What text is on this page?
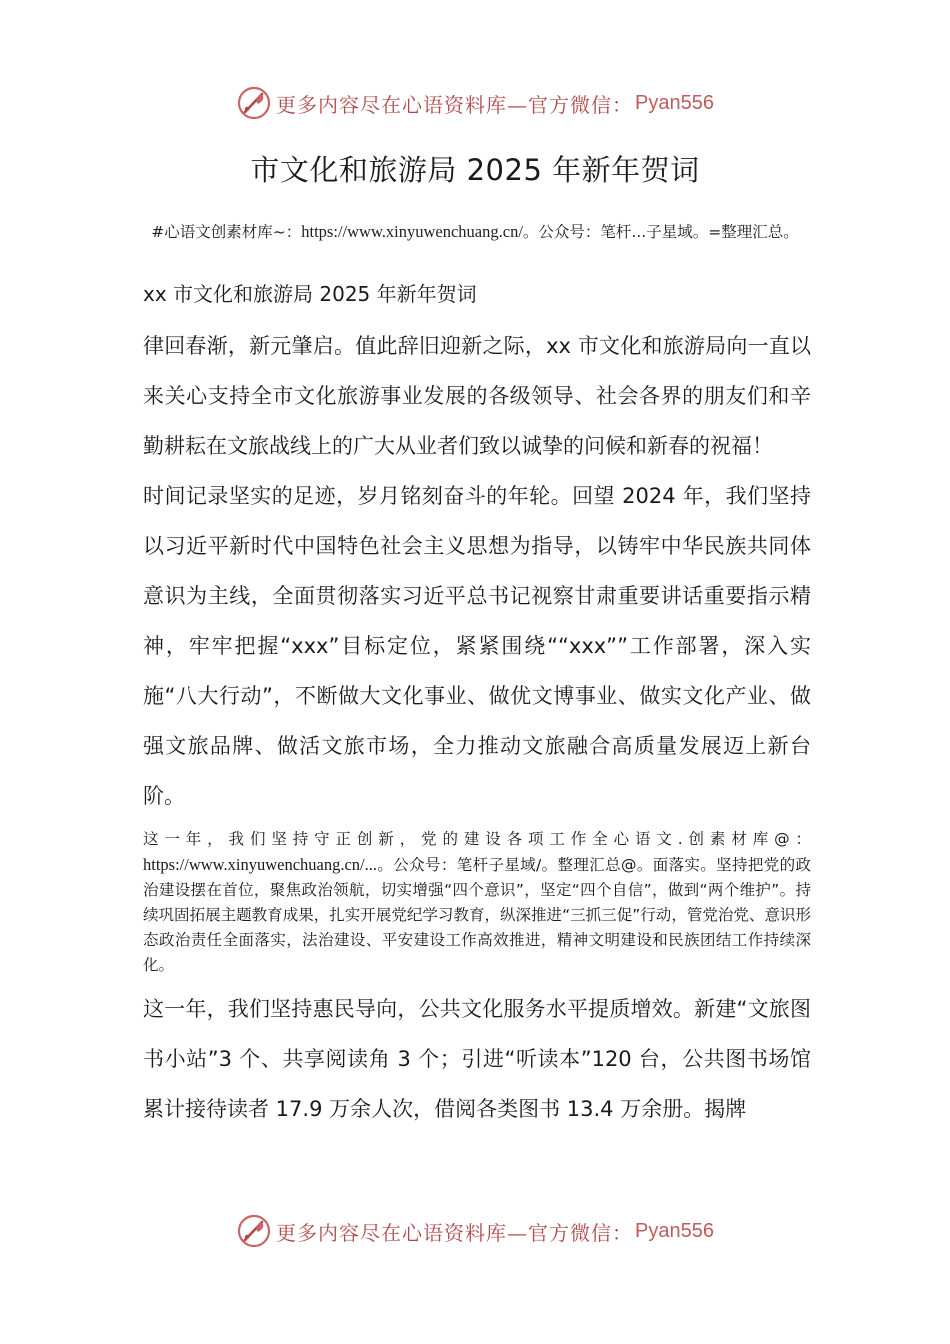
更多内容尽在心语资料库—官方微信： Pyan556
市文化和旅游局 2025 年新年贺词
#心语文创素材库~：https://www.xinyuwenchuang.cn/。公众号：笔杆...子星域。=整理汇总。

xx 市文化和旅游局 2025 年新年贺词

律回春渐，新元肇启。值此辞旧迎新之际，xx 市文化和旅游局向一直以来关心支持全市文化旅游事业发展的各级领导、社会各界的朋友们和辛勤耕耘在文旅战线上的广大从业者们致以诚挚的问候和新春的祝福！

时间记录坚实的足迹，岁月铭刻奋斗的年轮。回望 2024 年，我们坚持以习近平新时代中国特色社会主义思想为指导，以铸牢中华民族共同体意识为主线，全面贯彻落实习近平总书记视察甘肃重要讲话重要指示精神，牢牢把握“xxx”目标定位，紧紧围绕““xxx””工作部署，深入实施“八大行动”，不断做大文化事业、做优文博事业、做实文化产业、做强文旅品牌、做活文旅市场，全力推动文旅融合高质量发展迈上新台阶。

这一年，我们坚持守正创新，党的建设各项工作全心语文.创素材库@： https://www.xinyuwenchuang.cn/...。公众号：笔杆子星域/。整理汇总@。面落实。坚持把党的政治建设摆在首位，聚焦政治领航，切实增强“四个意识”，坚定“四个自信”，做到“两个维护”。持续巩固拓展主题教育成果，扎实开展党纪学习教育，纵深推进“三抓三促”行动，管党治党、意识形态政治责任全面落实，法治建设、平安建设工作高效推进，精神文明建设和民族团结工作持续深化。

这一年，我们坚持惠民导向，公共文化服务水平提质增效。新建“文旅图书小站”3 个、共享阅读角 3 个；引进“听读本”120 台，公共图书场馆累计接待读者 17.9 万余人次，借阅各类图书 13.4 万余册。揭牌

更多内容尽在心语资料库—官方微信： Pyan556
